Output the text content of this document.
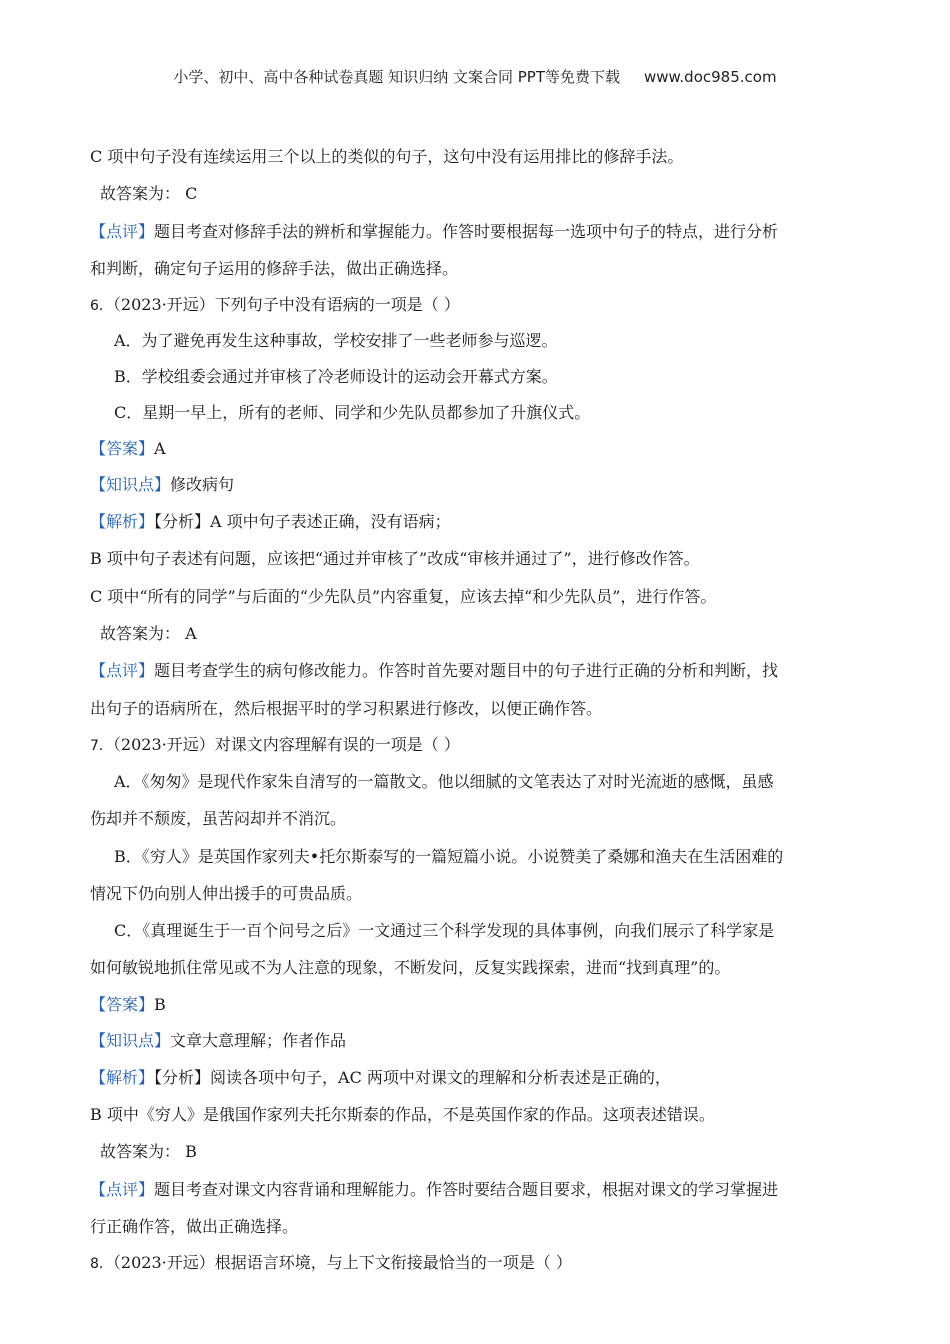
小学、初中、高中各种试卷真题 知识归纳 文案合同 PPT等免费下载 www.doc985.com
C 项中句子没有连续运用三个以上的类似的句子，这句中没有运用排比的修辞手法。
故答案为： C
【点评】题目考查对修辞手法的辨析和掌握能力。作答时要根据每一选项中句子的特点，进行分析
和判断，确定句子运用的修辞手法，做出正确选择。
6．（2023·开远）下列句子中没有语病的一项是（ ）
A．为了避免再发生这种事故，学校安排了一些老师参与巡逻。
B．学校组委会通过并审核了冷老师设计的运动会开幕式方案。
C．星期一早上，所有的老师、同学和少先队员都参加了升旗仪式。
【答案】A
【知识点】修改病句
【解析】【分析】A 项中句子表述正确，没有语病；
B 项中句子表述有问题，应该把“通过并审核了”改成“审核并通过了”，进行修改作答。
C 项中“所有的同学”与后面的“少先队员”内容重复，应该去掉“和少先队员”，进行作答。
故答案为： A
【点评】题目考查学生的病句修改能力。作答时首先要对题目中的句子进行正确的分析和判断，找
出句子的语病所在，然后根据平时的学习积累进行修改，以便正确作答。
7．（2023·开远）对课文内容理解有误的一项是（ ）
A．《匆匆》是现代作家朱自清写的一篇散文。他以细腻的文笔表达了对时光流逝的感慨，虽感
伤却并不颓废，虽苦闷却并不消沉。
B．《穷人》是英国作家列夫•托尔斯泰写的一篇短篇小说。小说赞美了桑娜和渔夫在生活困难的
情况下仍向别人伸出援手的可贵品质。
C．《真理诞生于一百个问号之后》一文通过三个科学发现的具体事例，向我们展示了科学家是
如何敏锐地抓住常见或不为人注意的现象，不断发问，反复实践探索，进而“找到真理”的。
【答案】B
【知识点】文章大意理解；作者作品
【解析】【分析】阅读各项中句子，AC 两项中对课文的理解和分析表述是正确的，
B 项中《穷人》是俄国作家列夫托尔斯泰的作品，不是英国作家的作品。这项表述错误。
故答案为： B
【点评】题目考查对课文内容背诵和理解能力。作答时要结合题目要求，根据对课文的学习掌握进
行正确作答，做出正确选择。
8．（2023·开远）根据语言环境，与上下文衔接最恰当的一项是（ ）
